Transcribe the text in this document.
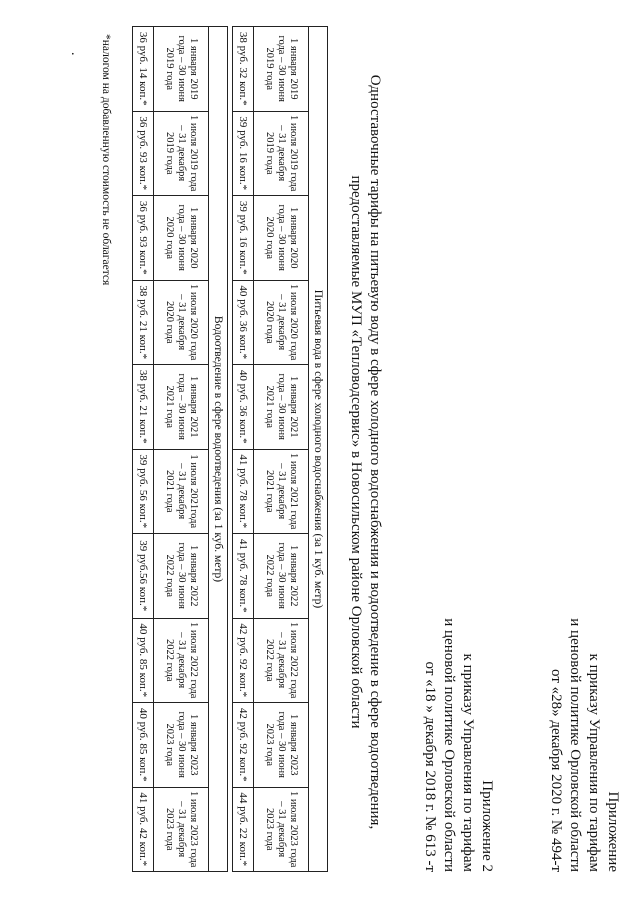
Приложение
к приказу Управления по тарифам
и ценовой политике Орловской области
от «28» декабря 2020 г. № 494-т
Приложение 2
к приказу Управления по тарифам
и ценовой политике Орловской области
от «18 » декабря 2018 г. № 613 -т
.
Одноставочные тарифы на питьевую воду в сфере холодного водоснабжения и водоотведение в сфере водоотведения,
предоставляемые МУП «Тепловодсервис» в Новосильском районе Орловской области
Питьевая вода в сфере холодного водоснабжения (за 1 куб. метр)									
1 января 2019 года – 30 июня 2019 года	1 июля 2019 года – 31 декабря 2019 года	1 января 2020 года – 30 июня 2020 года	1 июля 2020 года – 31 декабря 2020 года	1 января 2021 года – 30 июня 2021 года	1 июля 2021 года – 31 декабря 2021 года	1 января 2022 года – 30 июня 2022 года	1 июля 2022 года – 31 декабря 2022 года	1 января 2023 года – 30 июня 2023 года	1 июля 2023 года – 31 декабря 2023 года
38 руб. 32 коп.*	39 руб. 16 коп.*	39 руб. 16 коп.*	40 руб. 36 коп.*	40 руб. 36 коп.*	41 руб. 78 коп.*	41 руб. 78 коп.*	42 руб. 92 коп.*	42 руб. 92 коп.*	44 руб. 22 коп.*

Водоотведение в сфере водоотведения (за 1 куб. метр)									
1 января 2019 года – 30 июня 2019 года	1 июля 2019 года – 31 декабря 2019 года	1 января 2020 года – 30 июня 2020 года	1 июля 2020 года – 31 декабря 2020 года	1 января 2021 года – 30 июня 2021 года	1 июля 2021года – 31 декабря 2021 года	1 января 2022 года – 30 июня 2022 года	1 июля 2022 года – 31 декабря 2022 года	1 января 2023 года – 30 июня 2023 года	1 июля 2023 года – 31 декабря 2023 года
36 руб. 14 коп.*	36 руб. 93 коп.*	36 руб. 93 коп.*	38 руб. 21 коп.*	38 руб. 21 коп.*	39 руб. 56 коп.*	39 руб.56 коп.*	40 руб. 85 коп.*	40 руб. 85 коп.*	41 руб. 42 коп.*
*налогом на добавленную стоимость не облагается
